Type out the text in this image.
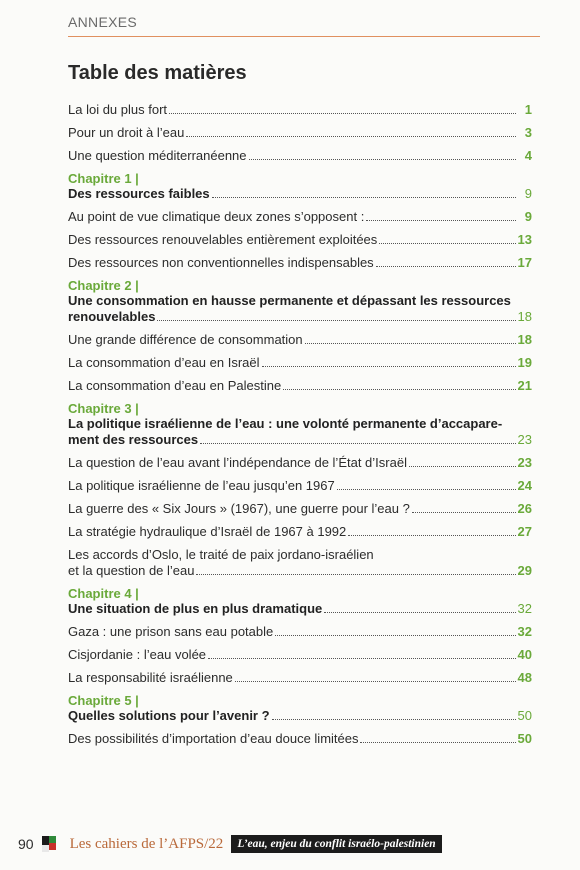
ANNEXES
Table des matières
La loi du plus fort	1
Pour un droit à l’eau	3
Une question méditerranéenne	4
Chapitre 1 |
Des ressources faibles	9
Au point de vue climatique deux zones s’opposent :	9
Des ressources renouvelables entièrement exploitées	13
Des ressources non conventionnelles indispensables	17
Chapitre 2 |
Une consommation en hausse permanente et dépassant les ressources
renouvelables	18
Une grande différence de consommation	18
La consommation d’eau en Israël	19
La consommation d’eau en Palestine	21
Chapitre 3 |
La politique israélienne de l’eau : une volonté permanente d’accapare-
ment des ressources	23
La question de l’eau avant l’indépendance de l’État d’Israël	23
La politique israélienne de l’eau jusqu’en 1967	24
La guerre des « Six Jours » (1967), une guerre pour l’eau ?	26
La stratégie hydraulique d’Israël de 1967 à 1992	27
Les accords d’Oslo, le traité de paix jordano-israélien
et la question de l’eau	29
Chapitre 4 |
Une situation de plus en plus dramatique	32
Gaza : une prison sans eau potable	32
Cisjordanie : l’eau volée	40
La responsabilité israélienne	48
Chapitre 5 |
Quelles solutions pour l’avenir ?	50
Des possibilités d’importation d’eau douce limitées	50
90 Les cahiers de l’AFPS/22	L’eau, enjeu du conflit israélo-palestinien
